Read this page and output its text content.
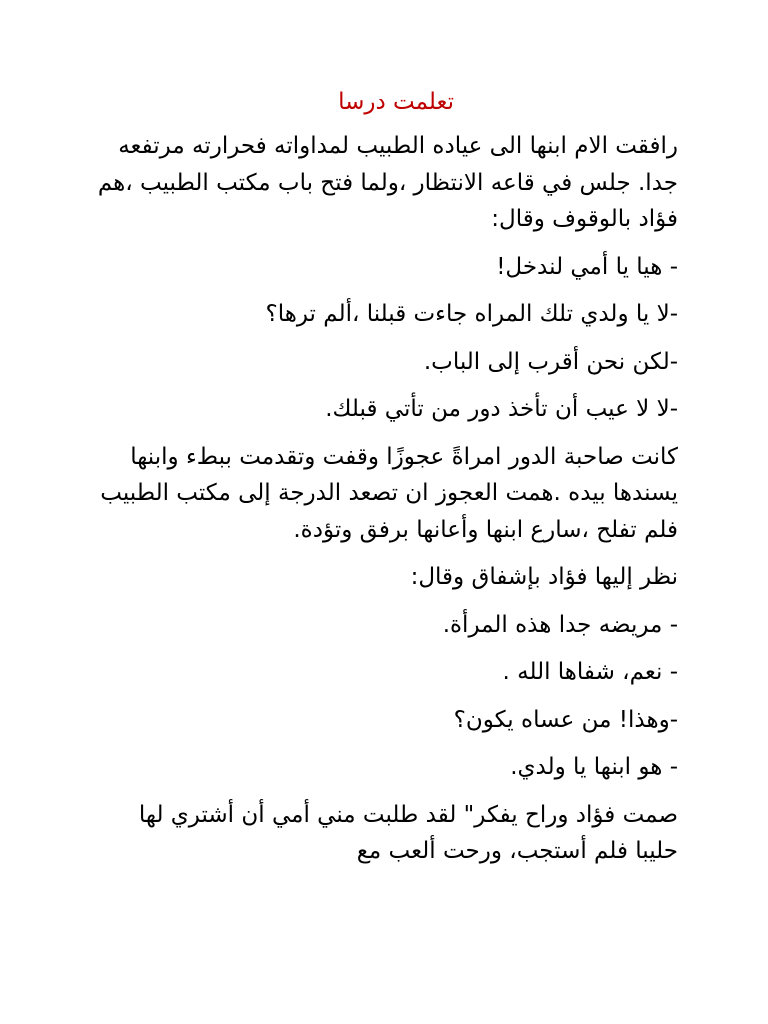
تعلمت درسا

رافقت الام ابنها الى عياده الطبيب لمداواته فحرارته مرتفعه جدا. جلس في قاعه الانتظار ،ولما فتح باب مكتب الطبيب ،هم فؤاد بالوقوف وقال:

- هيا يا أمي لندخل!

-لا يا ولدي تلك المراه جاءت قبلنا ،ألم ترها؟

-لكن نحن أقرب إلى الباب.

-لا لا عيب أن تأخذ دور من تأتي قبلك.

كانت صاحبة الدور امراةً عجوزًا وقفت وتقدمت ببطء وابنها يسندها بيده .همت العجوز ان تصعد الدرجة إلى مكتب الطبيب فلم تفلح ،سارع ابنها وأعانها برفق وتؤدة.

نظر إليها فؤاد بإشفاق وقال:

- مريضه جدا هذه المرأة.

- نعم، شفاها الله .

-وهذا! من عساه يكون؟

- هو ابنها يا ولدي.

صمت فؤاد وراح يفكر" لقد طلبت مني أمي أن أشتري لها حليبا فلم أستجب، ورحت ألعب مع
